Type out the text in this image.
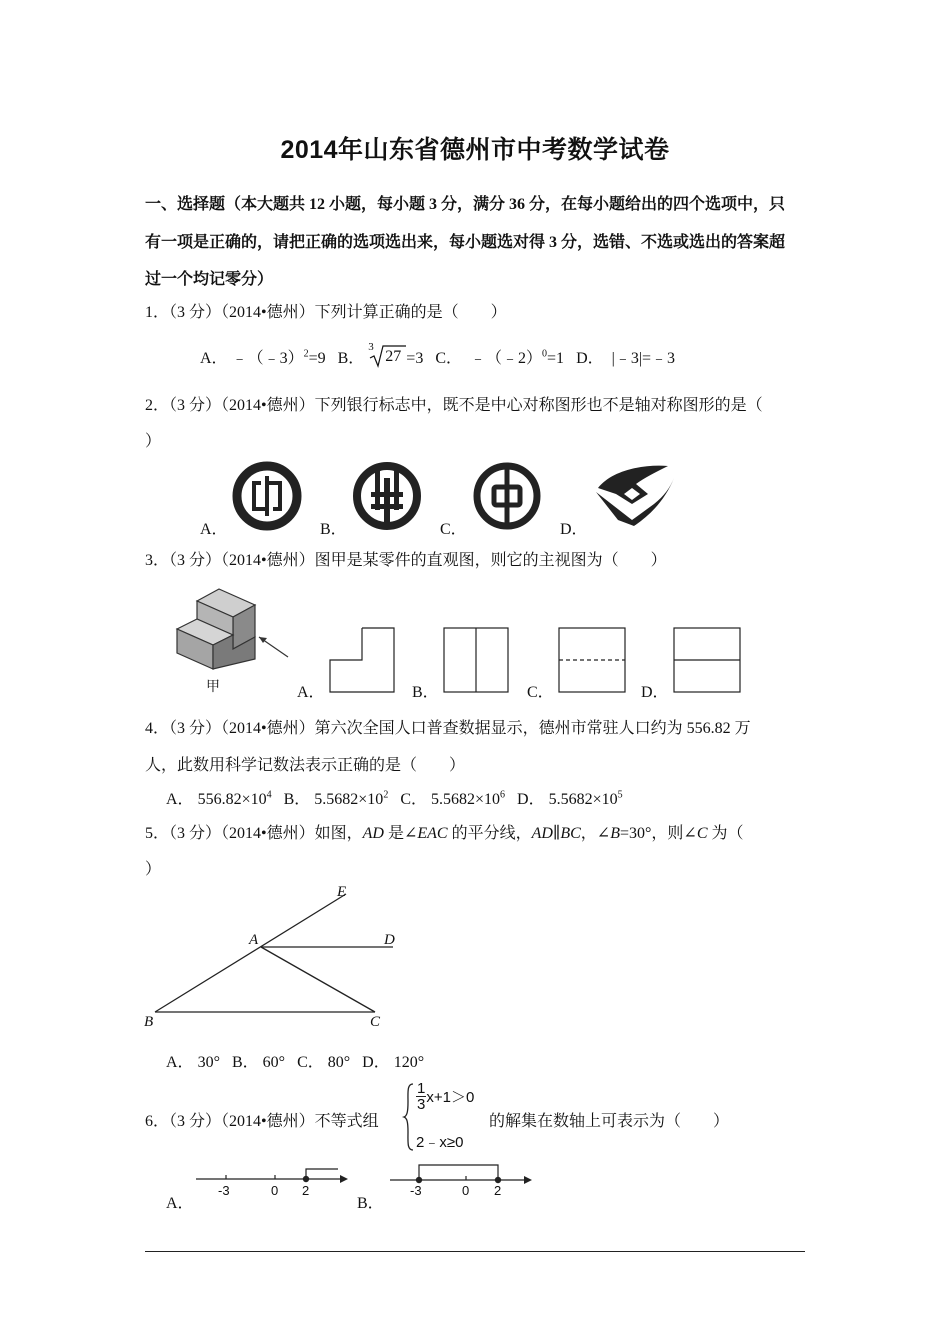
2014年山东省德州市中考数学试卷
一、选择题（本大题共 12 小题，每小题 3 分，满分 36 分，在每小题给出的四个选项中，只
有一项是正确的，请把正确的选项选出来，每小题选对得 3 分，选错、不选或选出的答案超
过一个均记零分）
1．（3 分）（2014•德州）下列计算正确的是（　　）
A． ﹣（﹣3）$^2$=9 B．
3
27 =3 C． ﹣（﹣2）$^0$=1 D． |﹣3|=﹣3
2．（3 分）（2014•德州）下列银行标志中，既不是中心对称图形也不是轴对称图形的是（
）
A．	B．	C．	D．
3．（3 分）（2014•德州）图甲是某零件的直观图，则它的主视图为（　　）
甲	A．	B．	C．	D．
4．（3 分）（2014•德州）第六次全国人口普查数据显示，德州市常驻人口约为 556.82 万
人，此数用科学记数法表示正确的是（　　）
A． $556.82\times 10^4$ B． $5.5682\times 10^2$ C． $5.5682\times 10^6$ D． $5.5682\times 10^5$
5．（3 分）（2014•德州）如图，AD 是∠EAC 的平分线，AD∥BC，∠B=30°，则∠C 为（
）
E
A	D
B	C
A． 30° B． 60° C． 80° D． 120°
6．（3 分）（2014•德州）不等式组
$\frac{1}{3} x+1>0$
2﹣x≥0
的解集在数轴上可表示为（　　）
A．
-3	0 2
B．
-3	0 2
